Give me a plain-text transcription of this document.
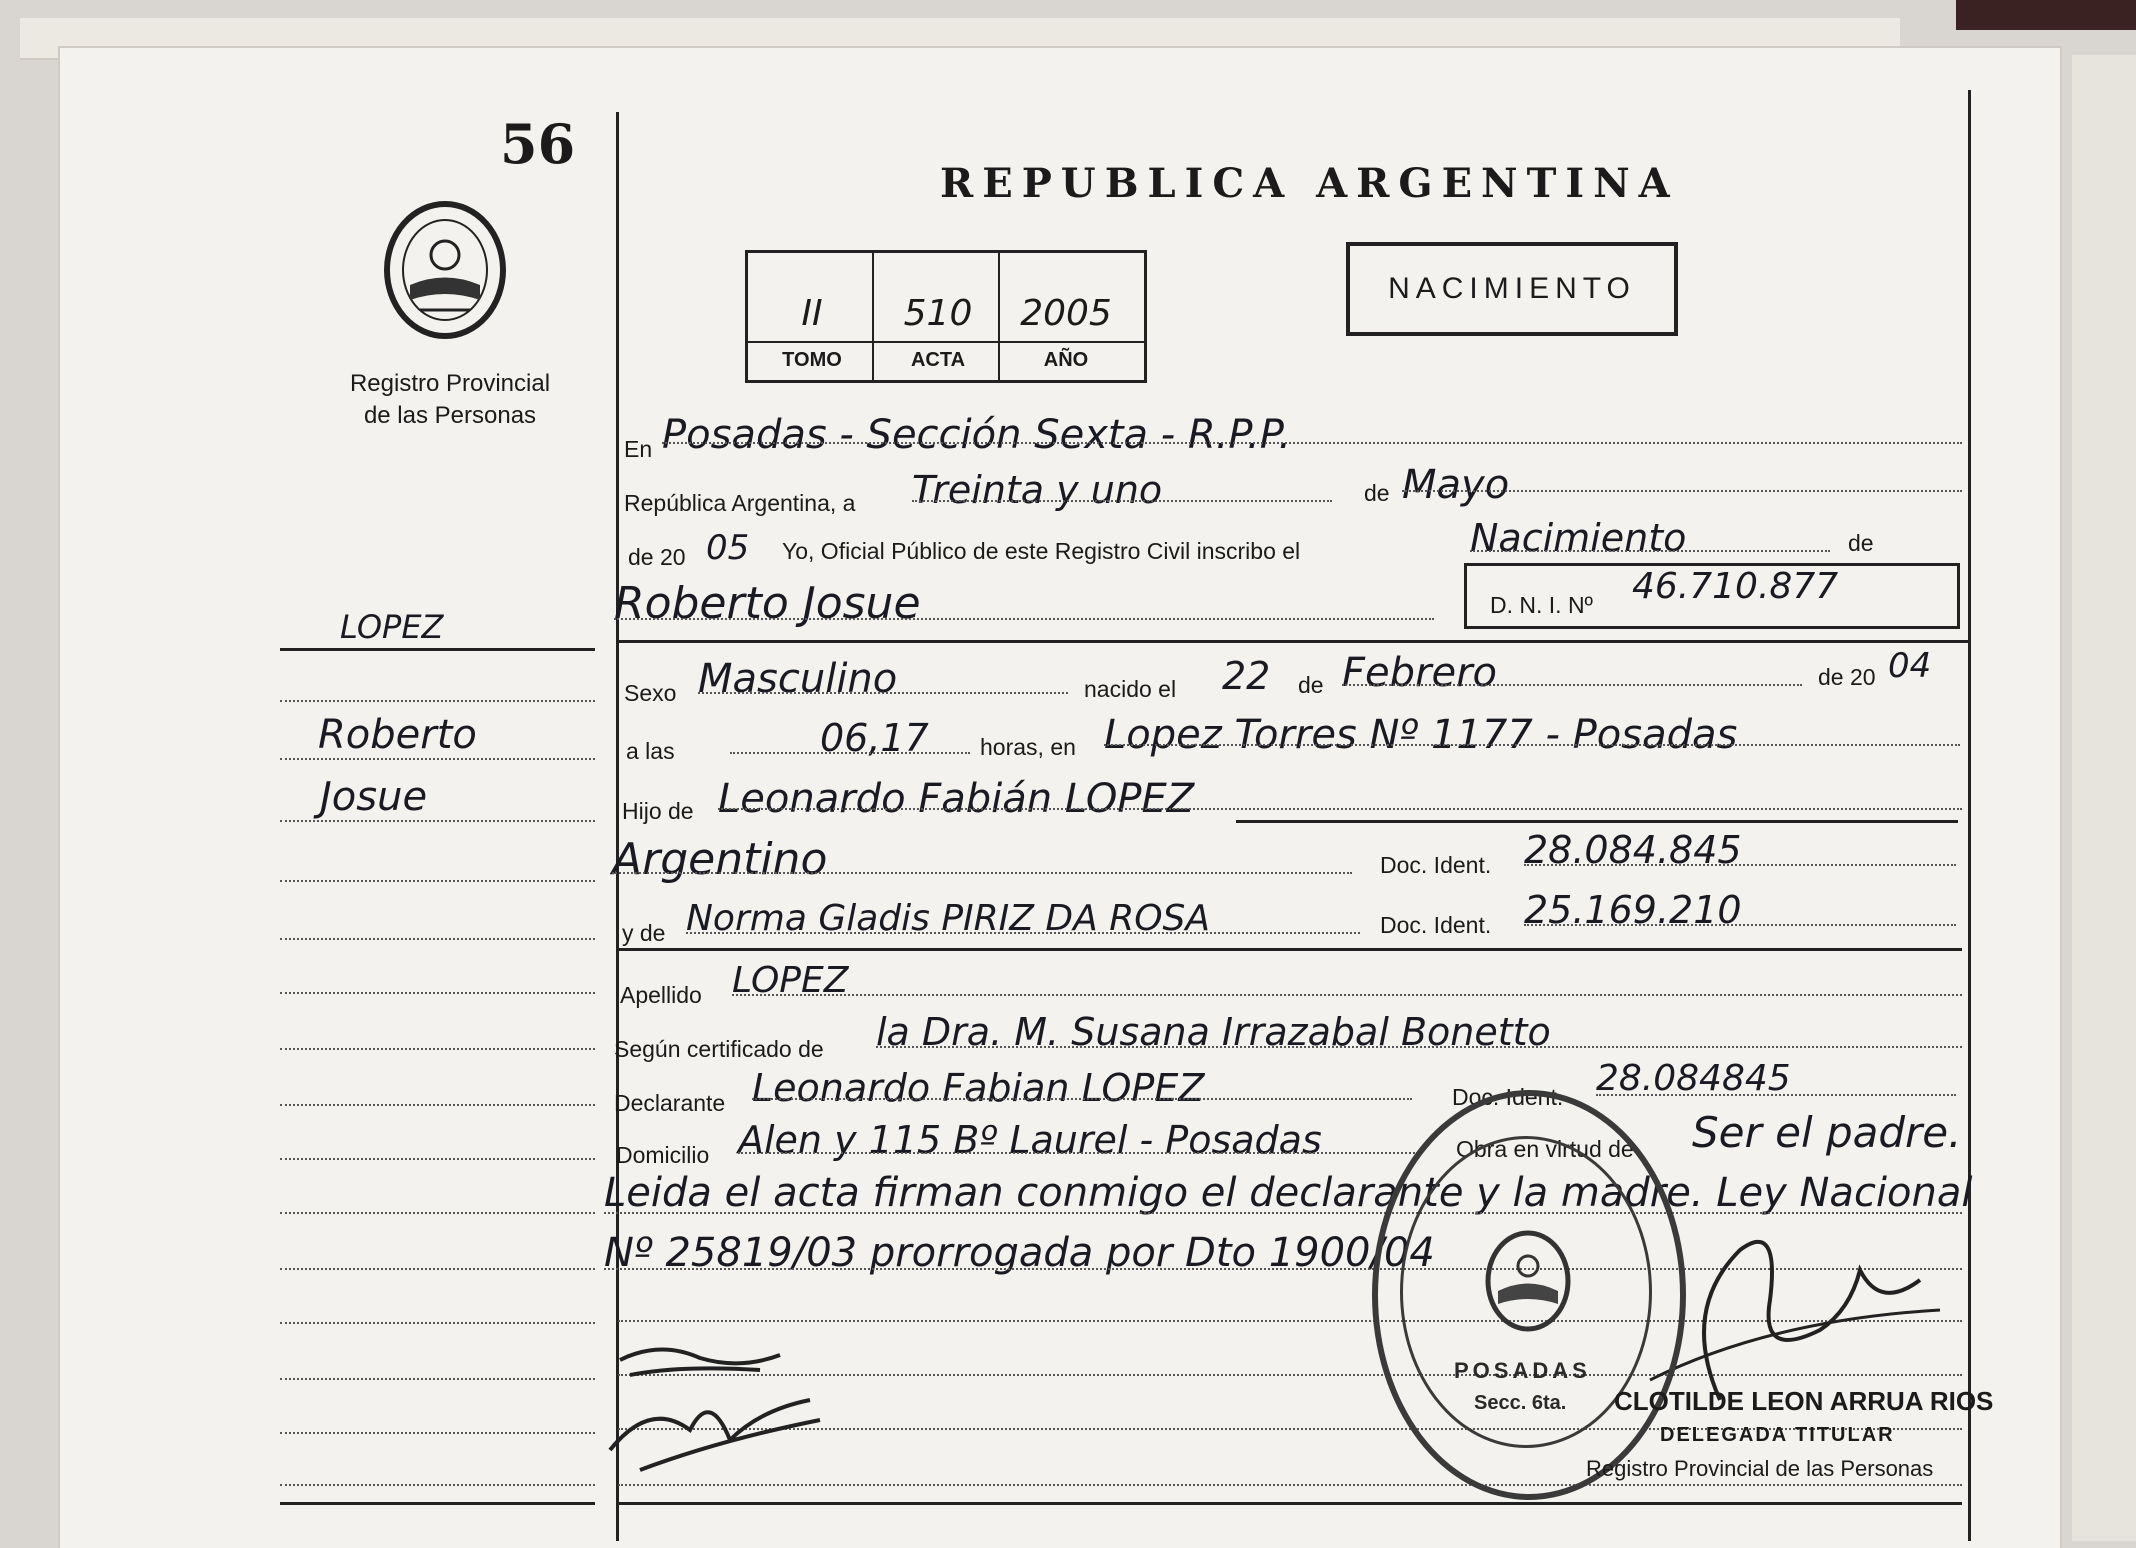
56
Registro Provincial
de las Personas
LOPEZ
Roberto
Josue
REPUBLICA ARGENTINA
II	510	2005
TOMO	ACTA	AÑO
NACIMIENTO
En Posadas - Sección Sexta - R.P.P.
República Argentina, a Treinta y uno	de Mayo
de 20 05 Yo, Oficial Público de este Registro Civil inscribo el	Nacimiento	de
Roberto Josue	D. N. I. Nº 46.710.877
Sexo Masculino	nacido el 22 de Febrero	de 20 04
a las	06,17 horas, en Lopez Torres Nº 1177 - Posadas
Hijo de Leonardo Fabián LOPEZ
Argentino	Doc. Ident. 28.084.845
y de Norma Gladis PIRIZ DA ROSA	Doc. Ident. 25.169.210
Apellido LOPEZ
Según certificado de la Dra. M. Susana Irrazabal Bonetto
Declarante Leonardo Fabian LOPEZ	Doc. Ident. 28.084845
Domicilio Alen y 115 Bº Laurel - Posadas	Obra en virtud de Ser el padre.
Leida el acta firman conmigo el declarante y la madre. Ley Nacional
Nº 25819/03 prorrogada por Dto 1900/04
POSADAS
Secc. 6ta. CLOTILDE LEON ARRUA RIOS
DELEGADA TITULAR
Registro Provincial de las Personas
